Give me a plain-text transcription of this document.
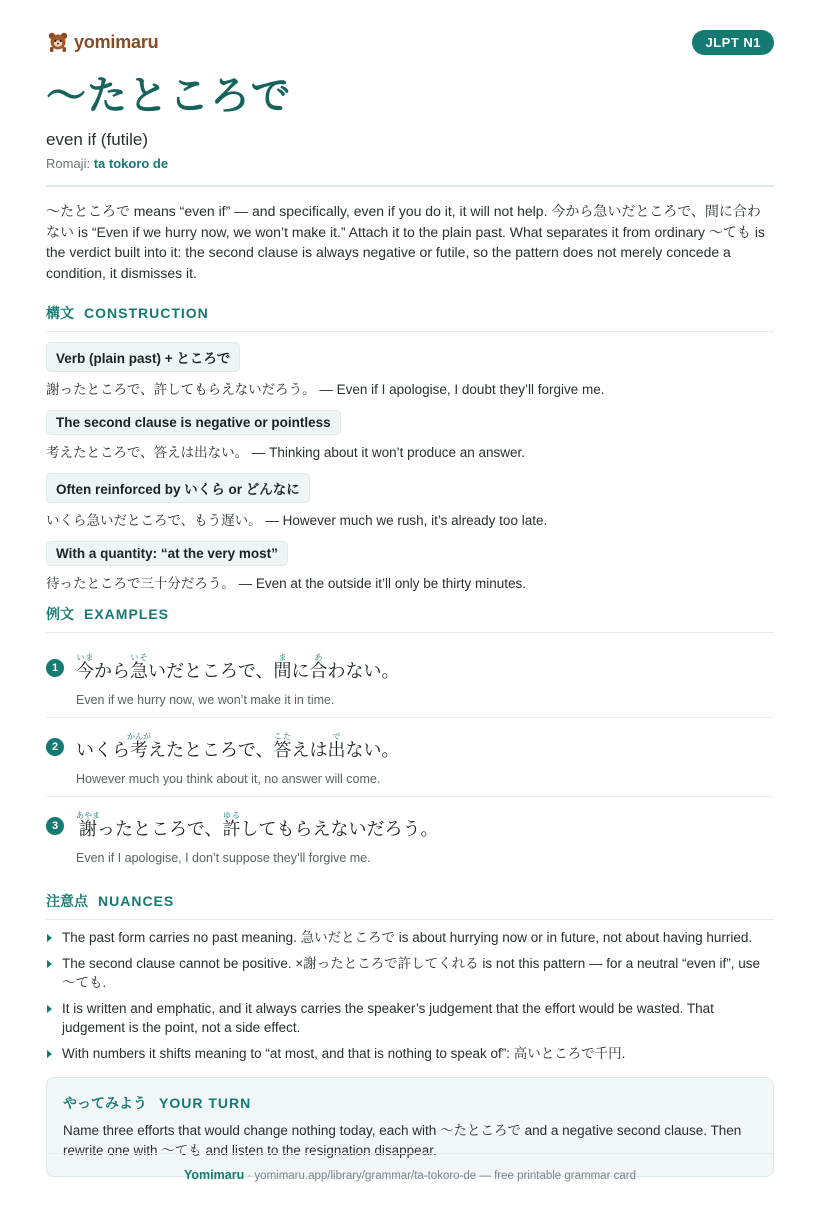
yomimaru	JLPT N1
〜たところで
even if (futile)
Romaji: ta tokoro de

〜たところで means “even if” — and specifically, even if you do it, it will not help. 今から急いだところで、間に合わない is “Even if we hurry now, we won’t make it.” Attach it to the plain past. What separates it from ordinary 〜ても is the verdict built into it: the second clause is always negative or futile, so the pattern does not merely concede a condition, it dismisses it.

構文 CONSTRUCTION
Verb (plain past) + ところで
謝ったところで、許してもらえないだろう。 — Even if I apologise, I doubt they’ll forgive me.
The second clause is negative or pointless
考えたところで、答えは出ない。 — Thinking about it won’t produce an answer.
Often reinforced by いくら or どんなに
いくら急いだところで、もう遅い。 — However much we rush, it’s already too late.
With a quantity: “at the very most”
待ったところで三十分だろう。 — Even at the outside it’ll only be thirty minutes.
例文 EXAMPLES
1 今いまから急いそいだところで、間まに合あわない。
Even if we hurry now, we won’t make it in time.
2 いくら考かんがえたところで、答こたえは出でない。
However much you think about it, no answer will come.
3 謝あやまったところで、許ゆるしてもらえないだろう。
Even if I apologise, I don’t suppose they’ll forgive me.
注意点 NUANCES
The past form carries no past meaning. 急いだところで is about hurrying now or in future, not about having hurried.
The second clause cannot be positive. ×謝ったところで許してくれる is not this pattern — for a neutral “even if”, use 〜ても.
It is written and emphatic, and it always carries the speaker’s judgement that the effort would be wasted. That judgement is the point, not a side effect.
With numbers it shifts meaning to “at most, and that is nothing to speak of”: 高いところで千円.
やってみよう YOUR TURN
Name three efforts that would change nothing today, each with 〜たところで and a negative second clause. Then rewrite one with 〜ても and listen to the resignation disappear.
Yomimaru · yomimaru.app/library/grammar/ta-tokoro-de — free printable grammar card
